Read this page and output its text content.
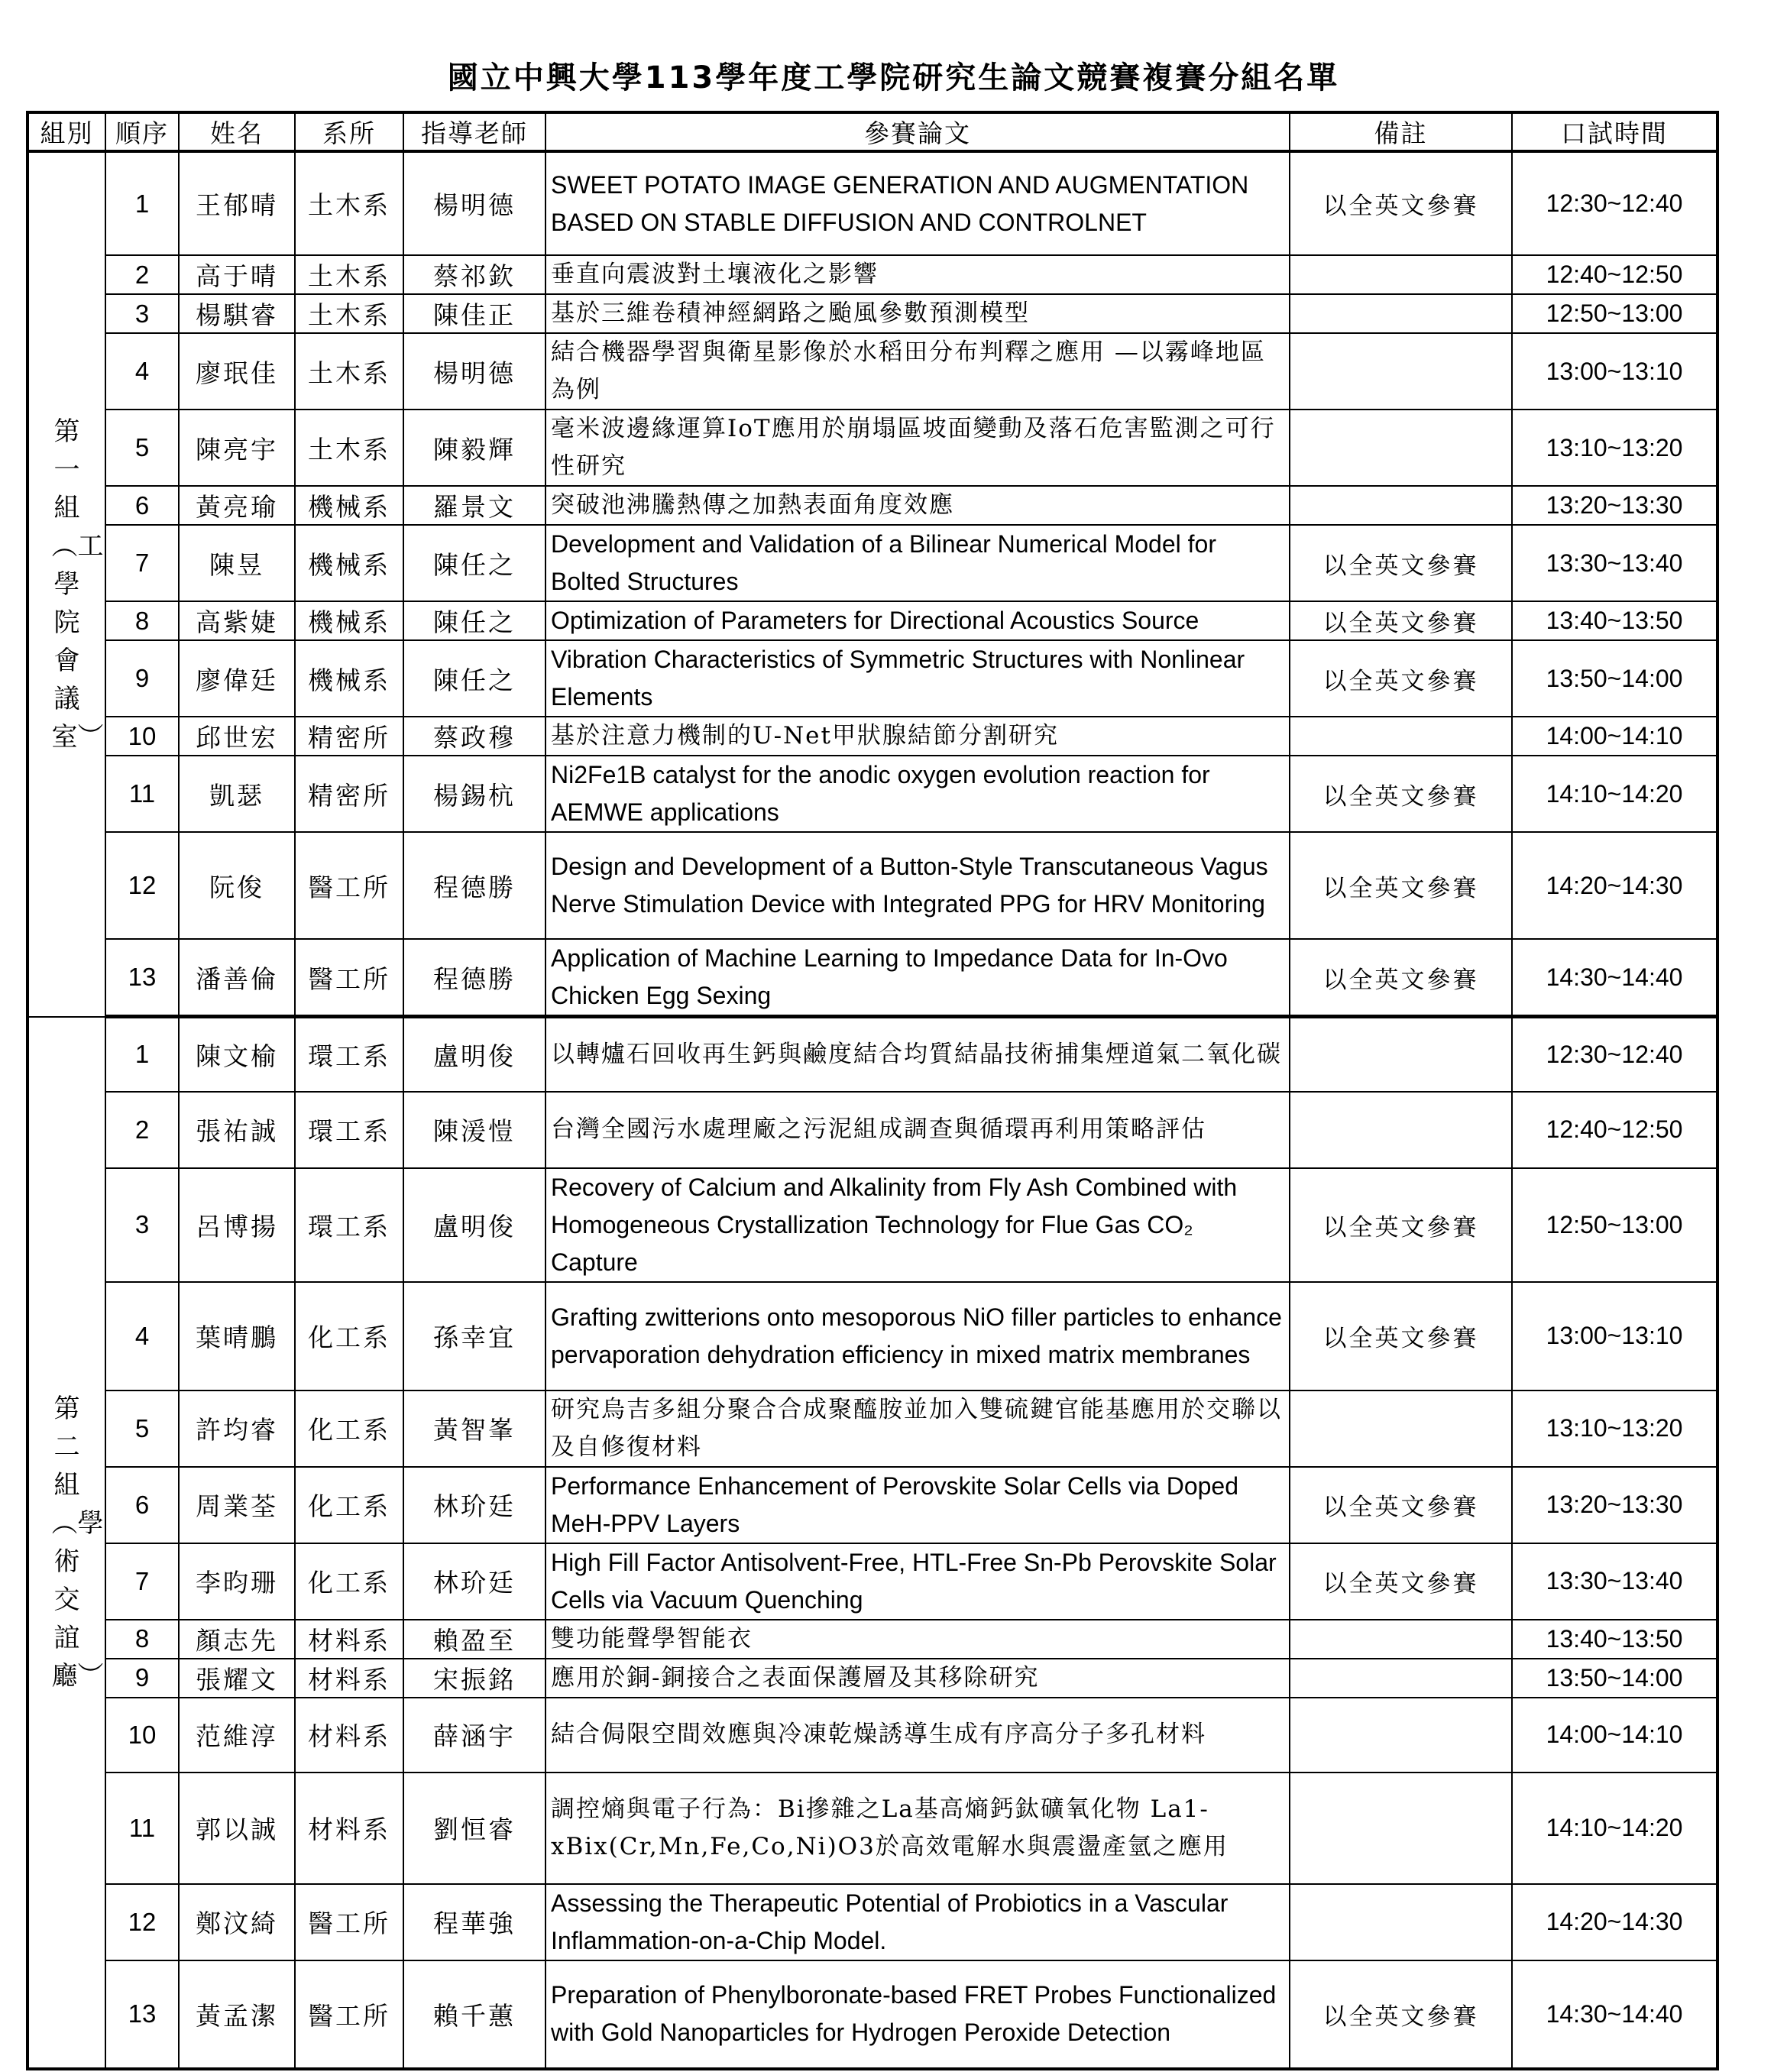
國立中興大學113學年度工學院研究生論文競賽複賽分組名單
組別	順序	姓名	系所	指導老師	參賽論文	備註	口試時間
第一組︵工學院會議室︶	1	王郁晴	土木系	楊明德	SWEET POTATO IMAGE GENERATION AND AUGMENTATION BASED ON STABLE DIFFUSION AND CONTROLNET	以全英文參賽	12:30~12:40
	2	高于晴	土木系	蔡祁欽	垂直向震波對土壤液化之影響		12:40~12:50
	3	楊騏睿	土木系	陳佳正	基於三維卷積神經網路之颱風參數預測模型		12:50~13:00
	4	廖珉佳	土木系	楊明德	結合機器學習與衛星影像於水稻田分布判釋之應用 —以霧峰地區為例		13:00~13:10
	5	陳亮宇	土木系	陳毅輝	毫米波邊緣運算IoT應用於崩塌區坡面變動及落石危害監測之可行性研究		13:10~13:20
	6	黃亮瑜	機械系	羅景文	突破池沸騰熱傳之加熱表面角度效應		13:20~13:30
	7	陳昱	機械系	陳任之	Development and Validation of a Bilinear Numerical Model for Bolted Structures	以全英文參賽	13:30~13:40
	8	高紫婕	機械系	陳任之	Optimization of Parameters for Directional Acoustics Source	以全英文參賽	13:40~13:50
	9	廖偉廷	機械系	陳任之	Vibration Characteristics of Symmetric Structures with Nonlinear Elements	以全英文參賽	13:50~14:00
	10	邱世宏	精密所	蔡政穆	基於注意力機制的U-Net甲狀腺結節分割研究		14:00~14:10
	11	凱瑟	精密所	楊錫杭	Ni2Fe1B catalyst for the anodic oxygen evolution reaction for AEMWE applications	以全英文參賽	14:10~14:20
	12	阮俊	醫工所	程德勝	Design and Development of a Button-Style Transcutaneous Vagus Nerve Stimulation Device with Integrated PPG for HRV Monitoring	以全英文參賽	14:20~14:30
	13	潘善倫	醫工所	程德勝	Application of Machine Learning to Impedance Data for In-Ovo Chicken Egg Sexing	以全英文參賽	14:30~14:40
第二組︵學術交誼廳︶	1	陳文榆	環工系	盧明俊	以轉爐石回收再生鈣與鹼度結合均質結晶技術捕集煙道氣二氧化碳		12:30~12:40
	2	張祐誠	環工系	陳湲愷	台灣全國污水處理廠之污泥組成調查與循環再利用策略評估		12:40~12:50
	3	呂博揚	環工系	盧明俊	Recovery of Calcium and Alkalinity from Fly Ash Combined with Homogeneous Crystallization Technology for Flue Gas CO₂ Capture	以全英文參賽	12:50~13:00
	4	葉晴鵬	化工系	孫幸宜	Grafting zwitterions onto mesoporous NiO filler particles to enhance pervaporation dehydration efficiency in mixed matrix membranes	以全英文參賽	13:00~13:10
	5	許均睿	化工系	黃智峯	研究烏吉多組分聚合合成聚醯胺並加入雙硫鍵官能基應用於交聯以及自修復材料		13:10~13:20
	6	周業荃	化工系	林玠廷	Performance Enhancement of Perovskite Solar Cells via Doped MeH-PPV Layers	以全英文參賽	13:20~13:30
	7	李昀珊	化工系	林玠廷	High Fill Factor Antisolvent-Free, HTL-Free Sn-Pb Perovskite Solar Cells via Vacuum Quenching	以全英文參賽	13:30~13:40
	8	顏志先	材料系	賴盈至	雙功能聲學智能衣		13:40~13:50
	9	張耀文	材料系	宋振銘	應用於銅-銅接合之表面保護層及其移除研究		13:50~14:00
	10	范維淳	材料系	薛涵宇	結合侷限空間效應與冷凍乾燥誘導生成有序高分子多孔材料		14:00~14:10
	11	郭以誠	材料系	劉恒睿	調控熵與電子行為：Bi摻雜之La基高熵鈣鈦礦氧化物 La1-xBix(Cr,Mn,Fe,Co,Ni)O3於高效電解水與震盪產氫之應用		14:10~14:20
	12	鄭汶綺	醫工所	程華強	Assessing the Therapeutic Potential of Probiotics in a Vascular Inflammation-on-a-Chip Model.		14:20~14:30
	13	黃孟潔	醫工所	賴千蕙	Preparation of Phenylboronate-based FRET Probes Functionalized with Gold Nanoparticles for Hydrogen Peroxide Detection	以全英文參賽	14:30~14:40
